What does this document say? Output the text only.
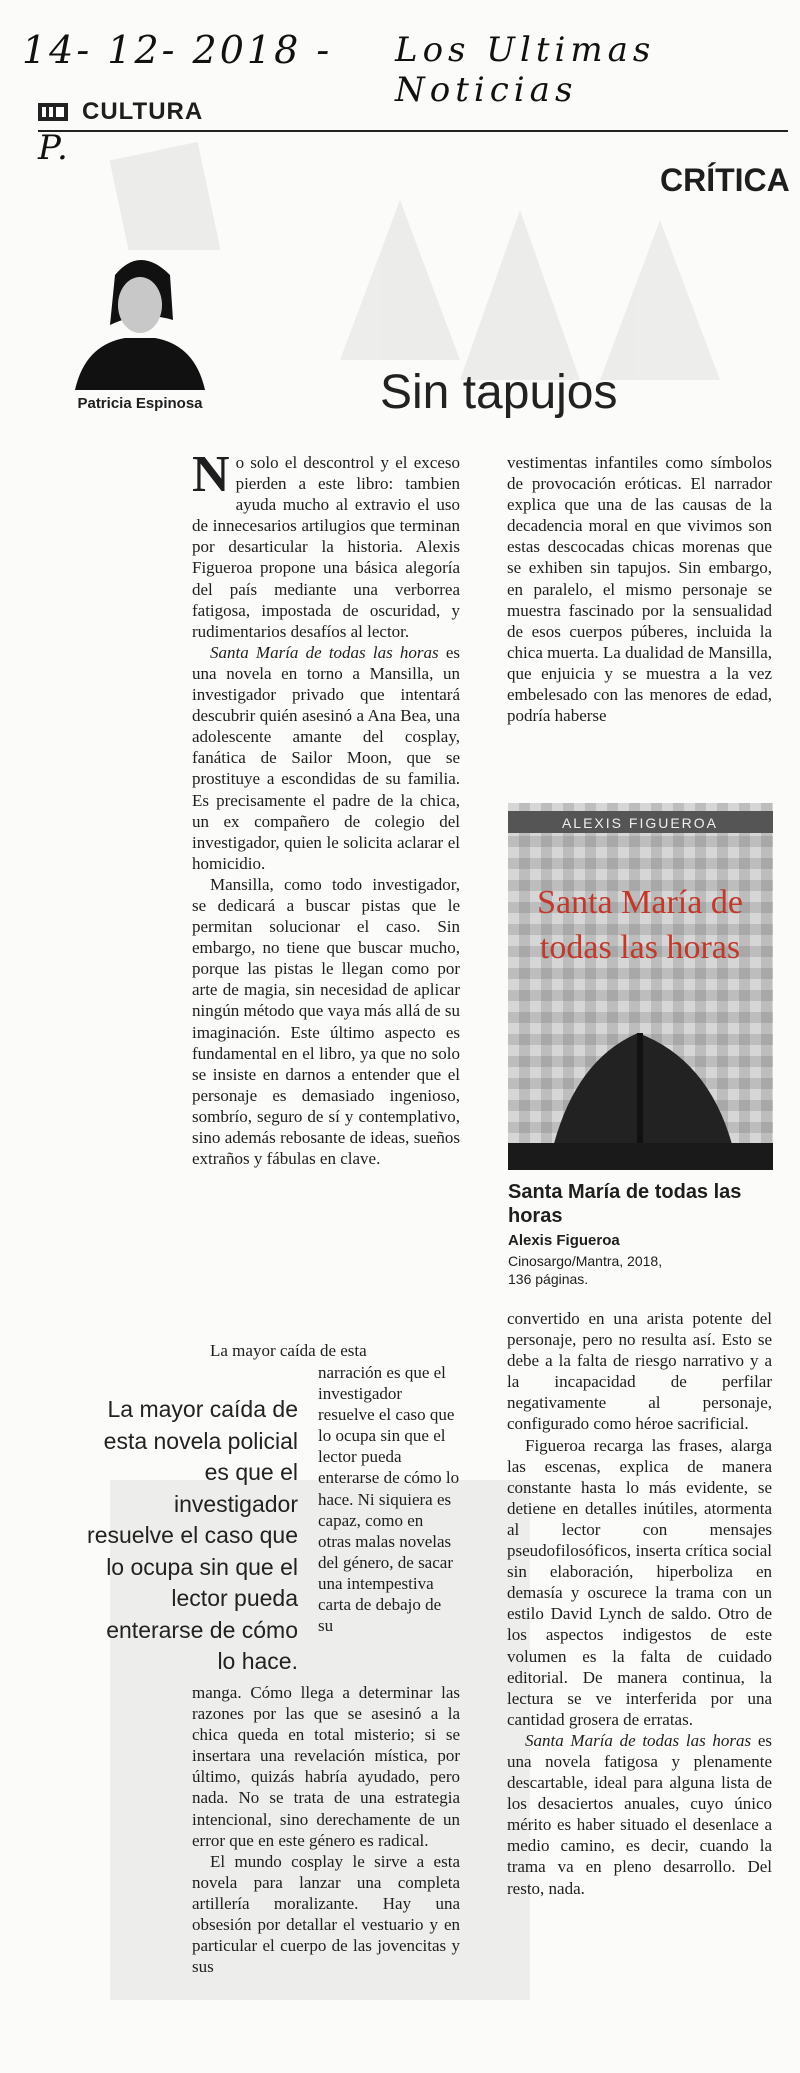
14- 12- 2018 - Los Ultimas Noticias
CULTURA
P.
CRÍTICA
Patricia Espinosa	Sin tapujos

No solo el descontrol y el exceso pierden a este libro: tambien ayuda mucho al extravio el uso de innecesarios artilugios que terminan por desarticular la historia. Alexis Figueroa propone una básica alegoría del país mediante una verborrea fatigosa, impostada de oscuridad, y rudimentarios desafíos al lector.

Santa María de todas las horas es una novela en torno a Mansilla, un investigador privado que intentará descubrir quién asesinó a Ana Bea, una adolescente amante del cosplay, fanática de Sailor Moon, que se prostituye a escondidas de su familia. Es precisamente el padre de la chica, un ex compañero de colegio del investigador, quien le solicita aclarar el homicidio.

Mansilla, como todo investigador, se dedicará a buscar pistas que le permitan solucionar el caso. Sin embargo, no tiene que buscar mucho, porque las pistas le llegan como por arte de magia, sin necesidad de aplicar ningún método que vaya más allá de su imaginación. Este último aspecto es fundamental en el libro, ya que no solo se insiste en darnos a entender que el personaje es demasiado ingenioso, sombrío, seguro de sí y contemplativo, sino además rebosante de ideas, sueños extraños y fábulas en clave.

La mayor caída de esta

narración es que el investigador resuelve el caso que lo ocupa sin que el lector pueda enterarse de cómo lo hace. Ni siquiera es capaz, como en otras malas novelas del género, de sacar una intempestiva carta de debajo de su

La mayor caída de
esta novela policial
es que el
investigador
resuelve el caso que
lo ocupa sin que el
lector pueda
enterarse de cómo
lo hace.

manga. Cómo llega a determinar las razones por las que se asesinó a la chica queda en total misterio; si se insertara una revelación mística, por último, quizás habría ayudado, pero nada. No se trata de una estrategia intencional, sino derechamente de un error que en este género es radical.

El mundo cosplay le sirve a esta novela para lanzar una completa artillería moralizante. Hay una obsesión por detallar el vestuario y en particular el cuerpo de las jovencitas y sus

vestimentas infantiles como símbolos de provocación eróticas. El narrador explica que una de las causas de la decadencia moral en que vivimos son estas descocadas chicas morenas que se exhiben sin tapujos. Sin embargo, en paralelo, el mismo personaje se muestra fascinado por la sensualidad de esos cuerpos púberes, incluida la chica muerta. La dualidad de Mansilla, que enjuicia y se muestra a la vez embelesado con las menores de edad, podría haberse

ALEXIS FIGUEROA
Santa María de
todas las horas
Santa María de todas las horas
Alexis Figueroa
Cinosargo/Mantra, 2018,
136 páginas.

convertido en una arista potente del personaje, pero no resulta así. Esto se debe a la falta de riesgo narrativo y a la incapacidad de perfilar negativamente al personaje, configurado como héroe sacrificial.

Figueroa recarga las frases, alarga las escenas, explica de manera constante hasta lo más evidente, se detiene en detalles inútiles, atormenta al lector con mensajes pseudofilosóficos, inserta crítica social sin elaboración, hiperboliza en demasía y oscurece la trama con un estilo David Lynch de saldo. Otro de los aspectos indigestos de este volumen es la falta de cuidado editorial. De manera continua, la lectura se ve interferida por una cantidad grosera de erratas.

Santa María de todas las horas es una novela fatigosa y plenamente descartable, ideal para alguna lista de los desaciertos anuales, cuyo único mérito es haber situado el desenlace a medio camino, es decir, cuando la trama va en pleno desarrollo. Del resto, nada.
